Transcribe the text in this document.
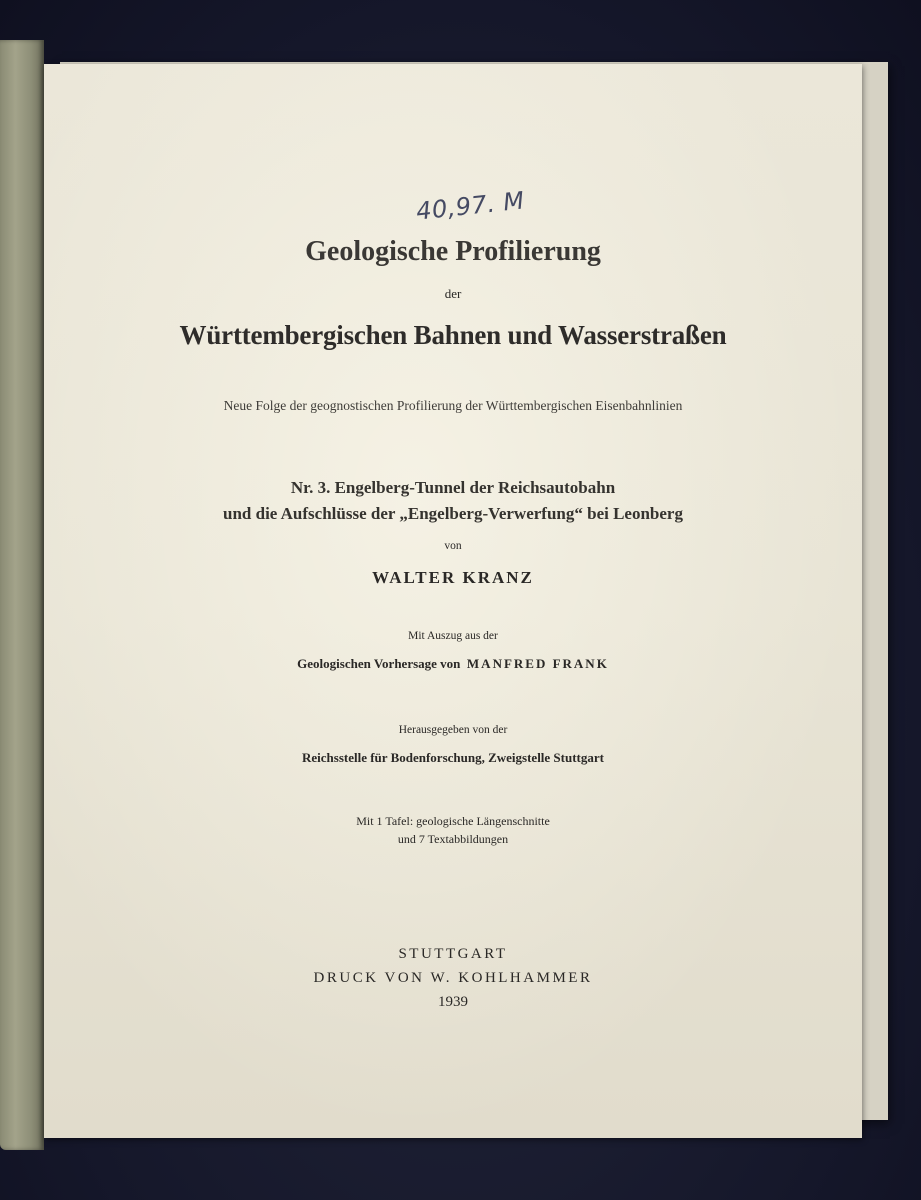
40,97. M

Geologische Profilierung

der

Württembergischen Bahnen und Wasserstraßen

Neue Folge der geognostischen Profilierung der Württembergischen Eisenbahnlinien

Nr. 3. Engelberg-Tunnel der Reichsautobahn

und die Aufschlüsse der „Engelberg-Verwerfung“ bei Leonberg

von

WALTER KRANZ

Mit Auszug aus der

Geologischen Vorhersage von MANFRED FRANK

Herausgegeben von der

Reichsstelle für Bodenforschung, Zweigstelle Stuttgart

Mit 1 Tafel: geologische Längenschnitte

und 7 Textabbildungen

STUTTGART

DRUCK VON W. KOHLHAMMER

1939
